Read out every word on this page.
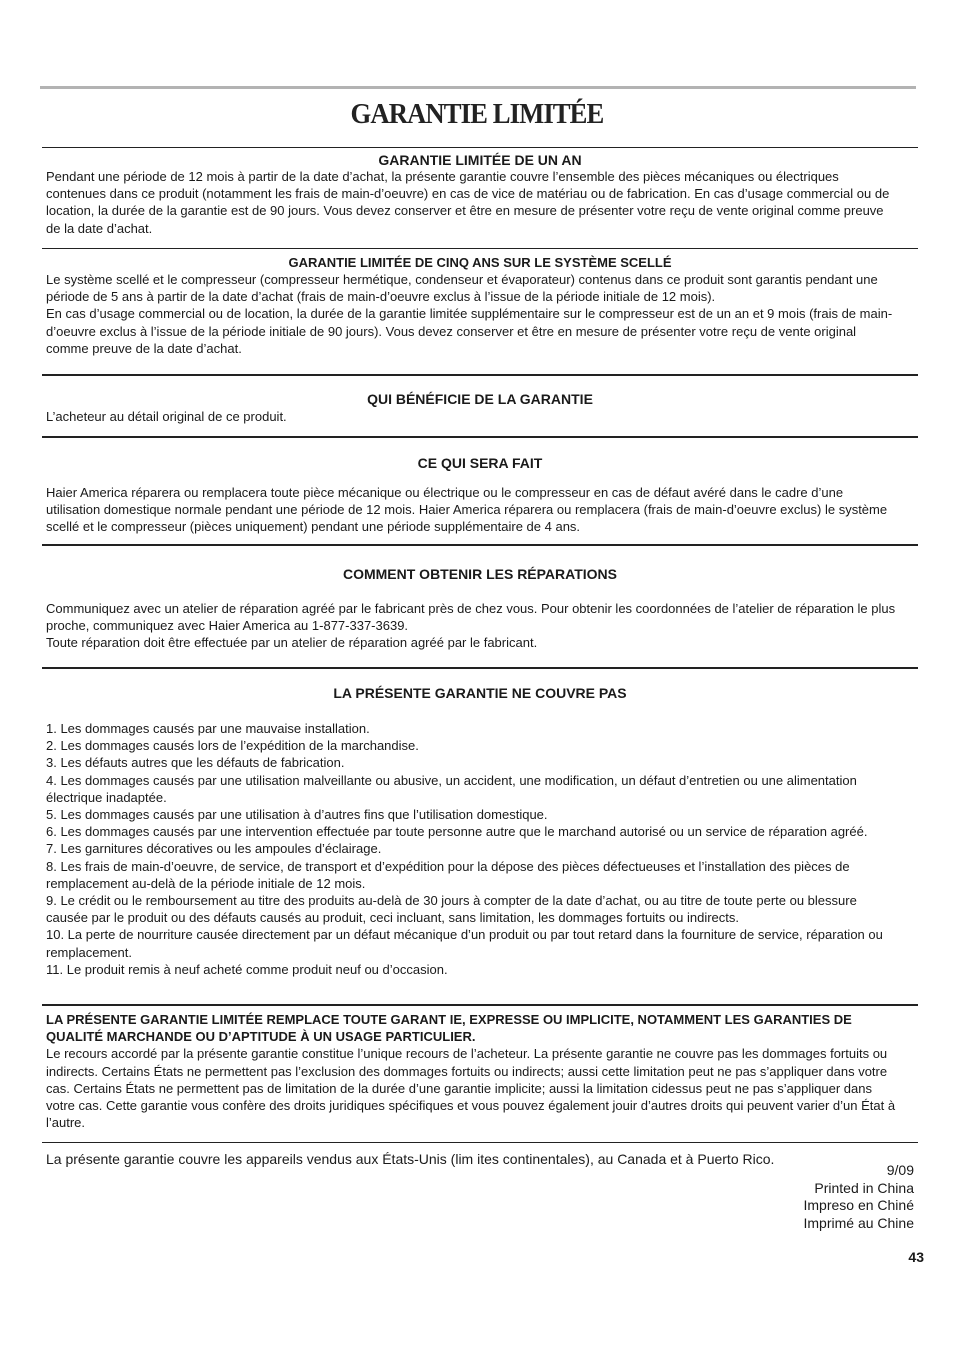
GARANTIE LIMITÉE
GARANTIE LIMITÉE DE UN AN

Pendant une période de 12 mois à partir de la date d’achat, la présente garantie couvre l’ensemble des pièces mécaniques ou électriques contenues dans ce produit (notamment les frais de main-d’oeuvre) en cas de vice de matériau ou de fabrication. En cas d’usage commercial ou de location, la durée de la garantie est de 90 jours. Vous devez conserver et être en mesure de présenter votre reçu de vente original comme preuve de la date d’achat.

GARANTIE LIMITÉE DE CINQ ANS SUR LE SYSTÈME SCELLÉ

Le système scellé et le compresseur (compresseur hermétique, condenseur et évaporateur) contenus dans ce produit sont garantis pendant une période de 5 ans à partir de la date d’achat (frais de main-d’oeuvre exclus à l’issue de la période initiale de 12 mois).

En cas d’usage commercial ou de location, la durée de la garantie limitée supplémentaire sur le compresseur est de un an et 9 mois (frais de main-d’oeuvre exclus à l’issue de la période initiale de 90 jours). Vous devez conserver et être en mesure de présenter votre reçu de vente original comme preuve de la date d’achat.

QUI BÉNÉFICIE DE LA GARANTIE

L’acheteur au détail original de ce produit.

CE QUI SERA FAIT

Haier America réparera ou remplacera toute pièce mécanique ou électrique ou le compresseur en cas de défaut avéré dans le cadre d’une utilisation domestique normale pendant une période de 12 mois. Haier America réparera ou remplacera (frais de main-d’oeuvre exclus) le système scellé et le compresseur (pièces uniquement) pendant une période supplémentaire de 4 ans.

COMMENT OBTENIR LES RÉPARATIONS

Communiquez avec un atelier de réparation agréé par le fabricant près de chez vous. Pour obtenir les coordonnées de l’atelier de réparation le plus proche, communiquez avec Haier America au 1-877-337-3639.

Toute réparation doit être effectuée par un atelier de réparation agréé par le fabricant.

LA PRÉSENTE GARANTIE NE COUVRE PAS
1. Les dommages causés par une mauvaise installation.
2. Les dommages causés lors de l’expédition de la marchandise.
3. Les défauts autres que les défauts de fabrication.
4. Les dommages causés par une utilisation malveillante ou abusive, un accident, une modification, un défaut d’entretien ou une alimentation électrique inadaptée.
5. Les dommages causés par une utilisation à d’autres fins que l’utilisation domestique.
6. Les dommages causés par une intervention effectuée par toute personne autre que le marchand autorisé ou un service de réparation agréé.
7. Les garnitures décoratives ou les ampoules d’éclairage.
8. Les frais de main-d’oeuvre, de service, de transport et d’expédition pour la dépose des pièces défectueuses et l’installation des pièces de remplacement au-delà de la période initiale de 12 mois.
9. Le crédit ou le remboursement au titre des produits au-delà de 30 jours à compter de la date d’achat, ou au titre de toute perte ou blessure causée par le produit ou des défauts causés au produit, ceci incluant, sans limitation, les dommages fortuits ou indirects.
10. La perte de nourriture causée directement par un défaut mécanique d’un produit ou par tout retard dans la fourniture de service, réparation ou remplacement.
11. Le produit remis à neuf acheté comme produit neuf ou d’occasion.

LA PRÉSENTE GARANTIE LIMITÉE REMPLACE TOUTE GARANT IE, EXPRESSE OU IMPLICITE, NOTAMMENT LES GARANTIES DE QUALITÉ MARCHANDE OU D’APTITUDE À UN USAGE PARTICULIER.

Le recours accordé par la présente garantie constitue l’unique recours de l’acheteur. La présente garantie ne couvre pas les dommages fortuits ou indirects. Certains États ne permettent pas l’exclusion des dommages fortuits ou indirects; aussi cette limitation peut ne pas s’appliquer dans votre cas. Certains États ne permettent pas de limitation de la durée d’une garantie implicite; aussi la limitation cidessus peut ne pas s’appliquer dans votre cas. Cette garantie vous confère des droits juridiques spécifiques et vous pouvez également jouir d’autres droits qui peuvent varier d’un État à l’autre.

La présente garantie couvre les appareils vendus aux États-Unis (lim ites continentales), au Canada et à Puerto Rico.
9/09
Printed in China
Impreso en Chiné
Imprimé au Chine
43
